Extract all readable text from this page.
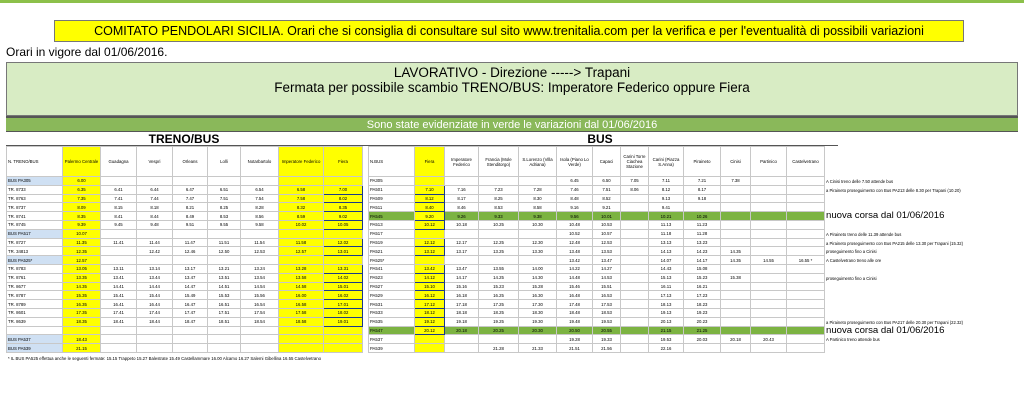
COMITATO PENDOLARI SICILIA. Orari che si consiglia di consultare sul sito www.trenitalia.com per la verifica e per l'eventualità di possibili variazioni
Orari in vigore dal 01/06/2016.
LAVORATIVO - Direzione -----> Trapani
Fermata per possibile scambio TRENO/BUS: Imperatore Federico oppure Fiera
Sono state evidenziate in verde le variazioni dal 01/06/2016
TRENO/BUS	BUS
N. TRENO/BUS	Palermo Centrale	Guadagna	Vespri	Orleans	Lolli	Notarbartolo	Imperatore Federico	Fiera
BUS PA305	6.00							
TR. 8733	6.35	6.41	6.44	6.47	6.51	6.54	6.58	7.00
TR. 8763	7.35	7.41	7.44	7.47	7.51	7.54	7.58	8.02
TR. 8737	8.09	8.15	8.18	8.21	8.25	8.28	8.32	8.35
TR. 8741	8.35	8.41	8.44	8.49	8.53	8.56	8.59	9.02
TR. 8745	9.39	9.45	9.48	9.51	9.55	9.58	10.02	10.05
BUS PA517	10.07							
TR. 8727	11.35	11.41	11.44	11.47	11.51	11.54	11.58	12.02
TR. 34813	12.35		12.42	12.46	12.50	12.53	12.57	13.01
BUS PA525*	12.57							
TR. 8783	13.05	13.11	13.14	13.17	13.21	13.24	13.28	13.31
TR. 8761	13.35	13.41	13.44	13.47	13.51	13.54	13.58	14.02
TR. 8677	14.35	14.41	14.44	14.47	14.51	14.54	14.58	15.01
TR. 8787	15.35	15.41	15.44	15.49	15.53	15.56	16.00	16.02
TR. 8789	16.35	16.41	16.44	16.47	16.51	16.54	16.58	17.01
TR. 8601	17.35	17.41	17.44	17.47	17.51	17.54	17.58	18.02
TR. 8639	18.35	18.41	18.44	18.47	18.51	18.54	18.58	19.01

BUS PA537	18.43							
BUS PA539	21.15							
N.BUS	Fiera	Imperatore Federico	Francia (Mole Stenditorgo)	S.Lorenzo (Villa Adriana)	Isola (Piano Lo Verde)	Capaci	Carini Torre Ciachea Stazione	Carini (Piazza S.Anna)	Piraineto	Cinisi	Partinico	Castelvetrano
PA305					6.45	6.50	7.05	7.11	7.21	7.38		
PA501	7.10	7.16	7.23	7.28	7.46	7.51	8.06	8.12	8.17			
PA509	8.12	8.17	8.25	8.30	8.48	8.52		9.13	9.18			
PA511	8.40	8.46	8.53	8.58	9.16	9.21		9.41				
PA545	9.20	9.26	9.33	9.38	9.56	10.01		10.21	10.26			
PA513	10.12	10.18	10.25	10.30	10.48	10.53		11.13	11.23			
PA517					10.52	10.57		11.18	11.28			
PA519	12.12	12.17	12.25	12.30	12.48	12.53		13.13	13.23			
PA521	13.12	13.17	13.25	13.30	13.48	13.53		14.13	14.23	14.35		
PA525*					13.42	13.47		14.07	14.17	14.35	14.55	16.55 *
PA541	13.42	13.47	13.55	14.00	14.22	14.27		14.43	15.08			
PA523	14.12	14.17	14.25	14.30	14.48	14.53		15.13	15.23	15.38		
PA527	15.10	15.16	15.23	15.28	15.46	15.51		16.11	16.21			
PA529	16.12	16.18	16.25	16.30	16.48	16.53		17.13	17.23			
PA531	17.12	17.18	17.25	17.30	17.48	17.53		18.13	18.23			
PA533	18.12	18.18	18.25	18.30	18.48	18.53		19.13	19.23			
PA535	19.12	19.18	19.25	19.30	19.48	19.53		20.13	20.23			
PA547	20.12	20.18	20.25	20.30	20.50	20.55		21.15	21.25			
PA537					19.28	19.33		19.53	20.03	20.18	20.43	
PA539			21.28	21.33	21.51	21.56		22.16				
A Cinisi treno delle 7.50 attende bus
a Piraineto proseguimento con Bus PA213 delle 8.30 per Trapani (10.20)
nuova corsa dal 01/06/2016
A Piraineto treno delle 11.39 attende bus
a Piraineto proseguimento con Bus PA215 delle 13.30 per Trapani (15.32)
proseguimento fino a Cinisi
A Castelvetrano treno alle ore
proseguimento fino a Cinisi
a Piraineto proseguimento con Bus PA217 delle 20.30 per Trapani (22.32)
nuova corsa dal 01/06/2016
A Partinico treno attende bus
* IL BUS PA525 effettua anche le seguenti fermate: 15.15 Trappeto 15.27 Balestrate 15.49 Castellammare 16.00 Alcamo 16.27 Salemi Gibellina 16.55 Castelvetrano
